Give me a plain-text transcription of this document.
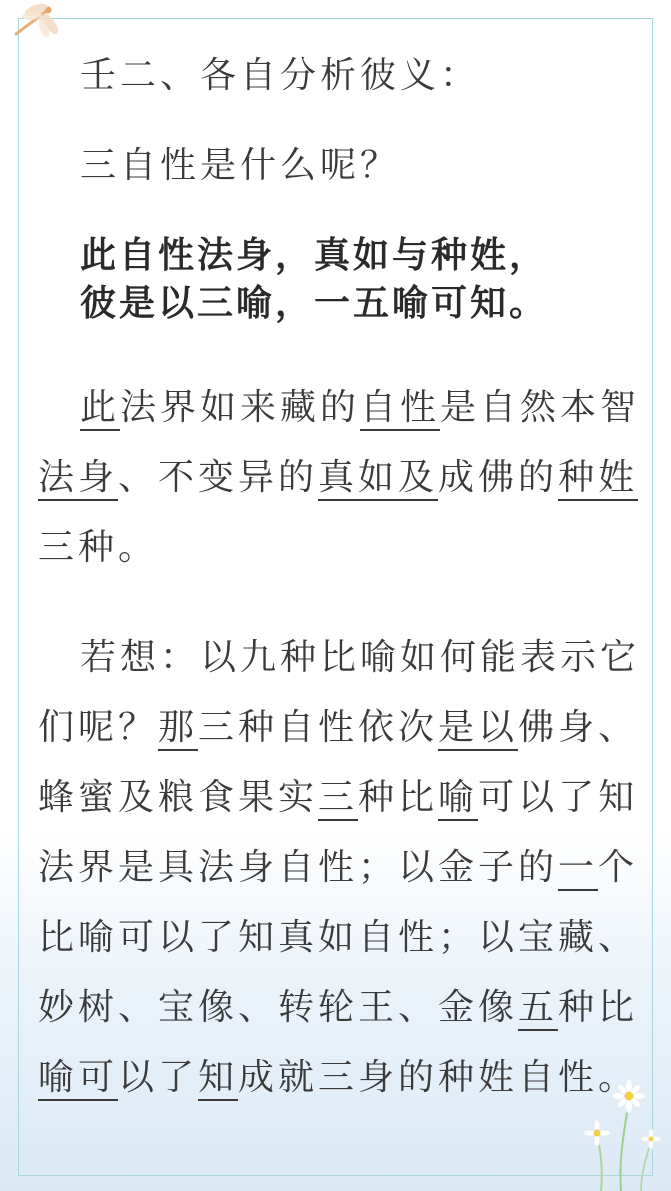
壬二、各自分析彼义：
三自性是什么呢？
此自性法身，真如与种姓，
彼是以三喻，一五喻可知。
此法界如来藏的自性是自然本智
法身、不变异的真如及成佛的种姓
三种。
若想：以九种比喻如何能表示它
们呢？那三种自性依次是以佛身、
蜂蜜及粮食果实三种比喻可以了知
法界是具法身自性；以金子的一个
比喻可以了知真如自性；以宝藏、
妙树、宝像、转轮王、金像五种比
喻可以了知成就三身的种姓自性。
